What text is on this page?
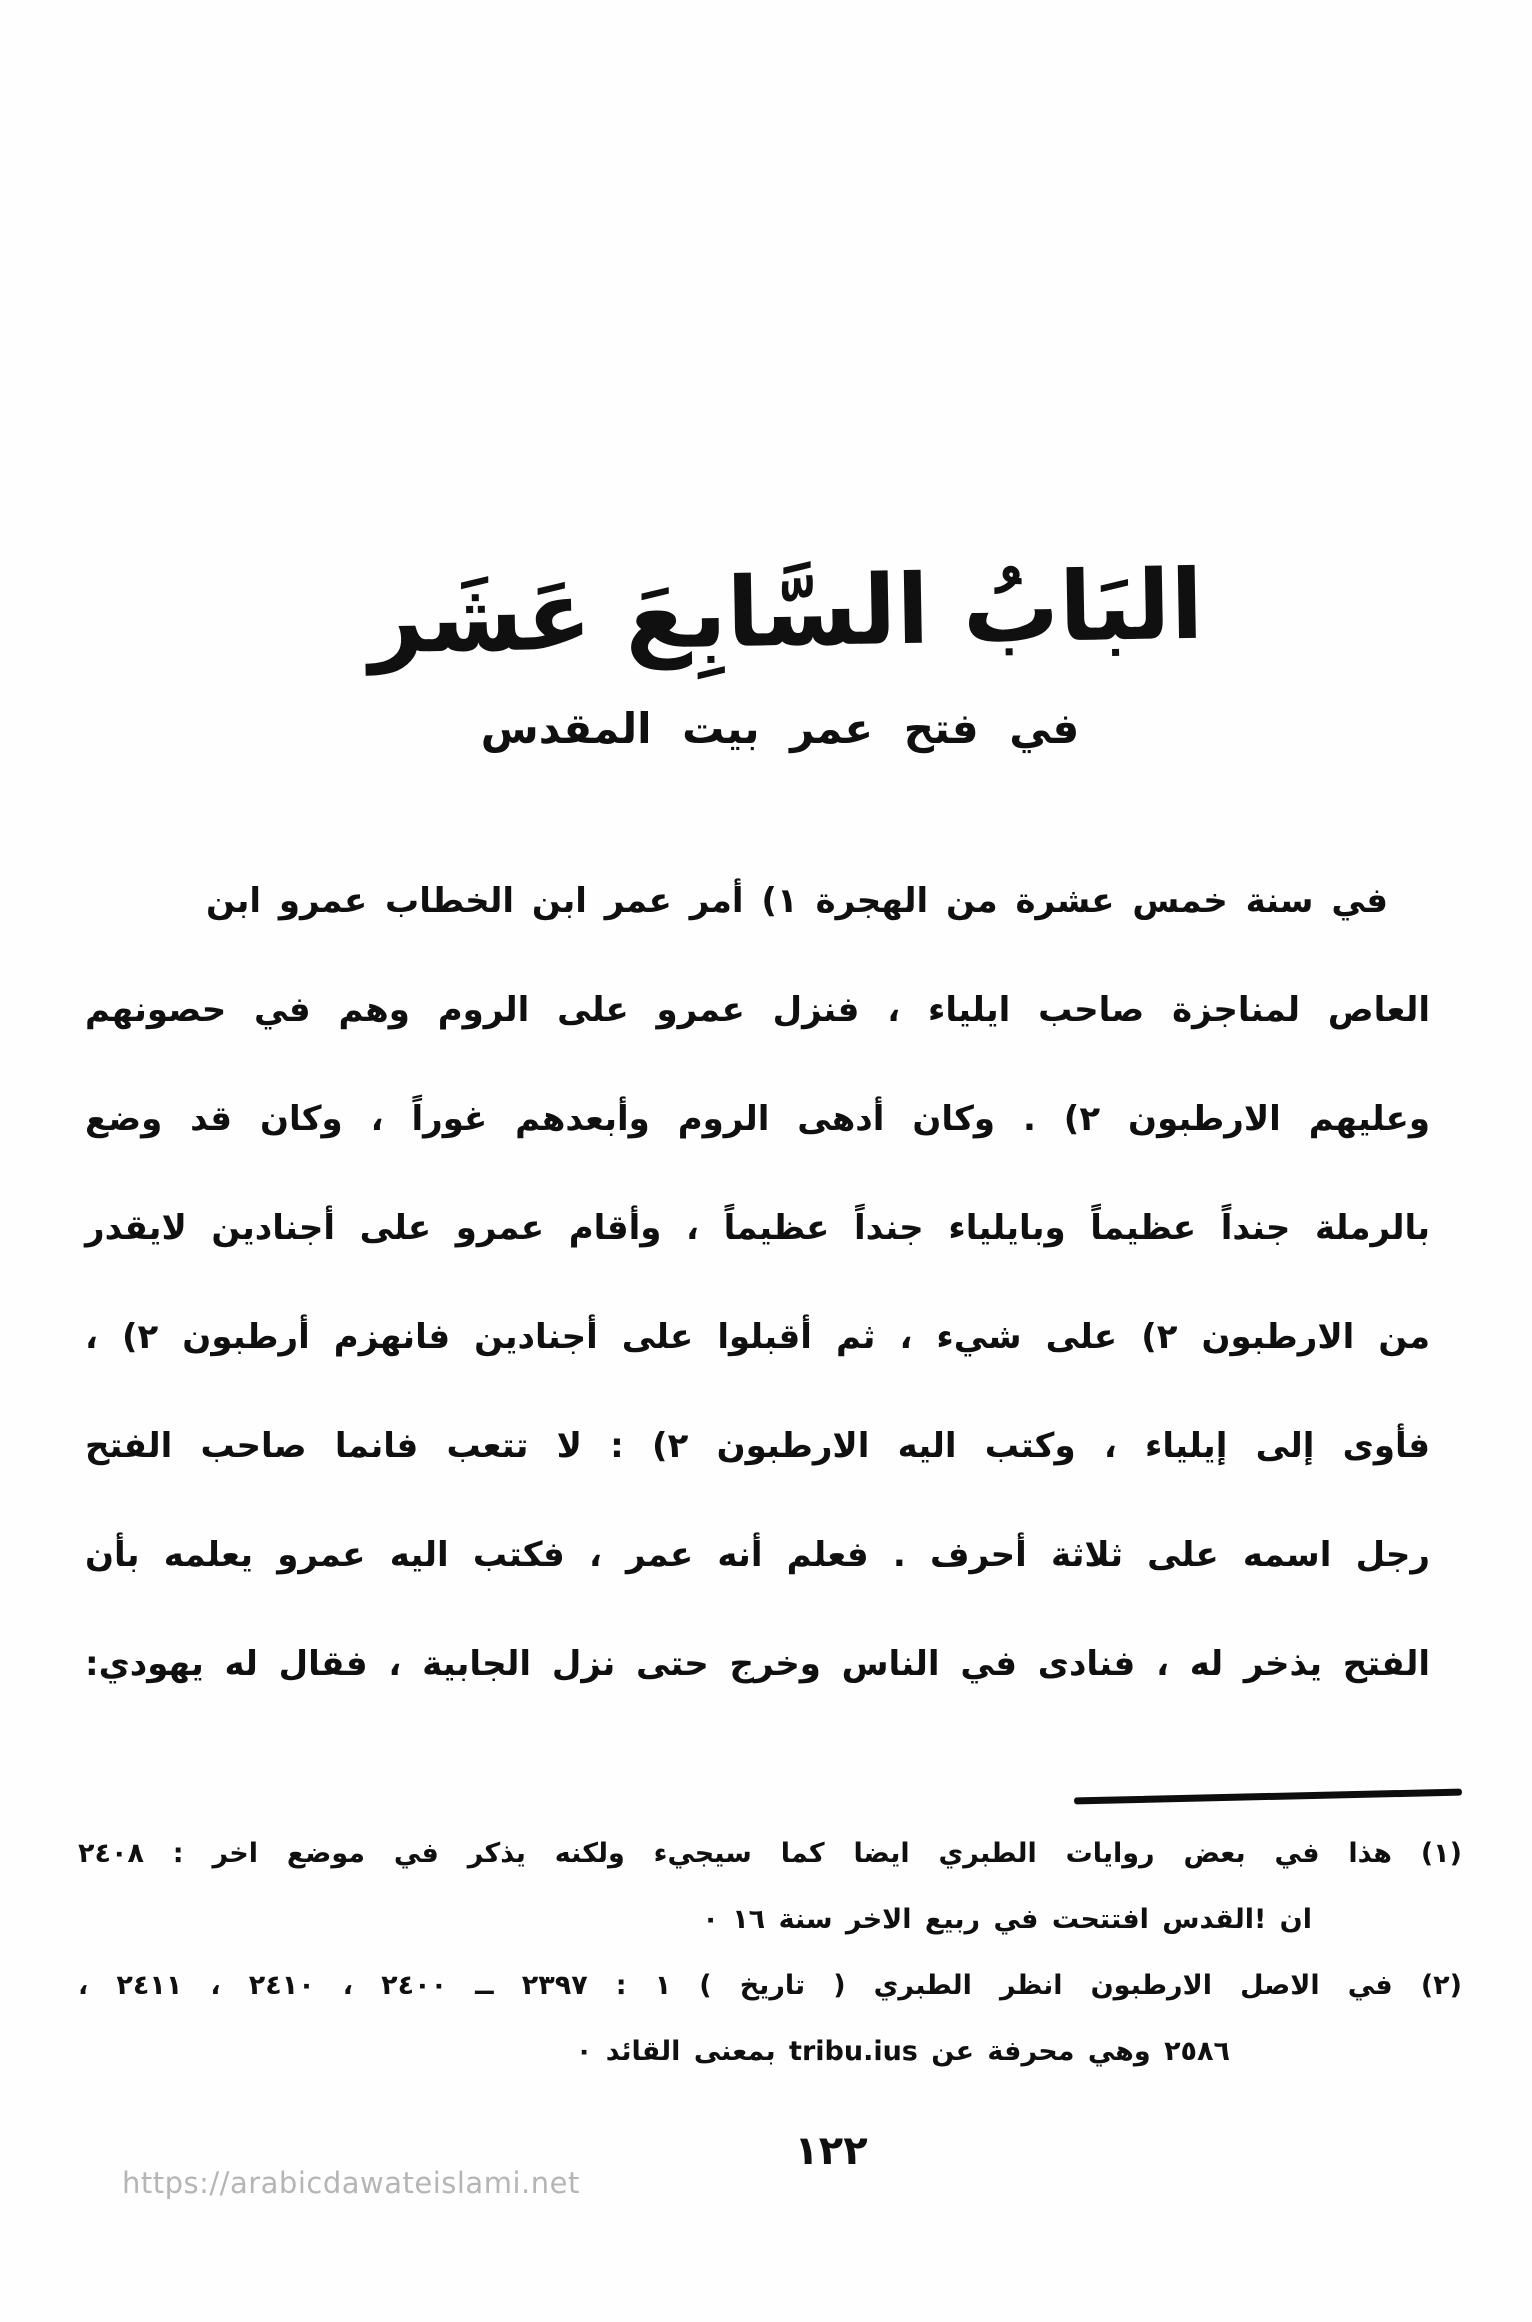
البَابُ السَّابِعَ عَشَر
في فتح عمر بيت المقدس
في سنة خمس عشرة من الهجرة ⁦(١⁩ أمر عمر ابن الخطاب عمرو ابن
العاص لمناجزة صاحب ايلياء ، فنزل عمرو على الروم وهم في حصونهم
وعليهم الارطبون ⁦(٢⁩ . وكان أدهى الروم وأبعدهم غوراً ، وكان قد وضع
بالرملة جنداً عظيماً وبايلياء جنداً عظيماً ، وأقام عمرو على أجنادين لايقدر
من الارطبون ⁦(٢⁩ على شيء ، ثم أقبلوا على أجنادين فانهزم أرطبون ⁦(٢⁩ ،
فأوى إلى إيلياء ، وكتب اليه الارطبون ⁦(٢⁩ : لا تتعب فانما صاحب الفتح
رجل اسمه على ثلاثة أحرف . فعلم أنه عمر ، فكتب اليه عمرو يعلمه بأن
الفتح يذخر له ، فنادى في الناس وخرج حتى نزل الجابية ، فقال له يهودي:
(١) هذا في بعض روايات الطبري ايضا كما سيجيء ولكنه يذكر في موضع اخر : ٢٤٠٨
ان !القدس افتتحت في ربيع الاخر سنة ١٦ ٠
(٢) في الاصل الارطبون انظر الطبري ( تاريخ ) ١ : ٢٣٩٧ ــ ٢٤٠٠ ، ٢٤١٠ ، ٢٤١١ ،
٢٥٨٦ وهي محرفة عن ⁦tribu.ius⁩ بمعنى القائد ٠
١٢٢
https://arabicdawateislami.net
